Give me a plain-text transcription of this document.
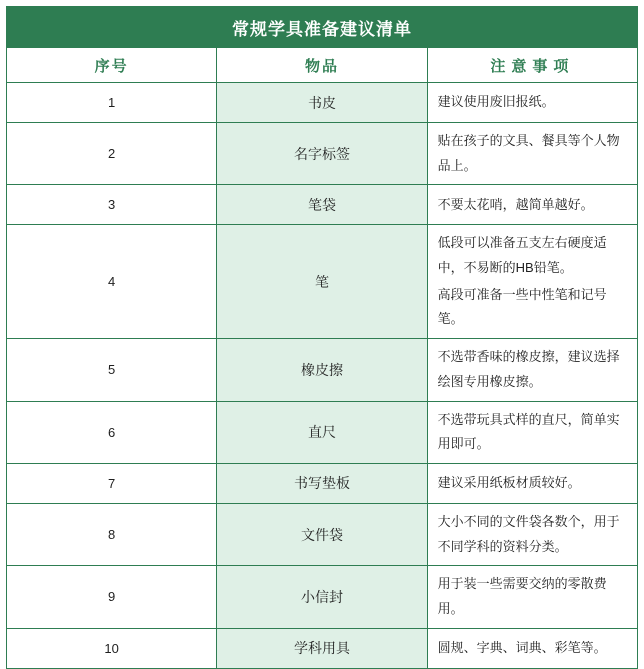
常规学具准备建议清单		
序号	物品	注意事项
1	书皮	建议使用废旧报纸。

2	名字标签	贴在孩子的文具、餐具等个人物品上。

3	笔袋	不要太花哨，越简单越好。

4	笔	低段可以准备五支左右硬度适中，不易断的HB铅笔。
高段可准备一些中性笔和记号笔。

5	橡皮擦	不选带香味的橡皮擦，建议选择绘图专用橡皮擦。

6	直尺	不选带玩具式样的直尺，简单实用即可。

7	书写垫板	建议采用纸板材质较好。

8	文件袋	大小不同的文件袋各数个，用于不同学科的资料分类。

9	小信封	用于装一些需要交纳的零散费用。

10	学科用具	圆规、字典、词典、彩笔等。
